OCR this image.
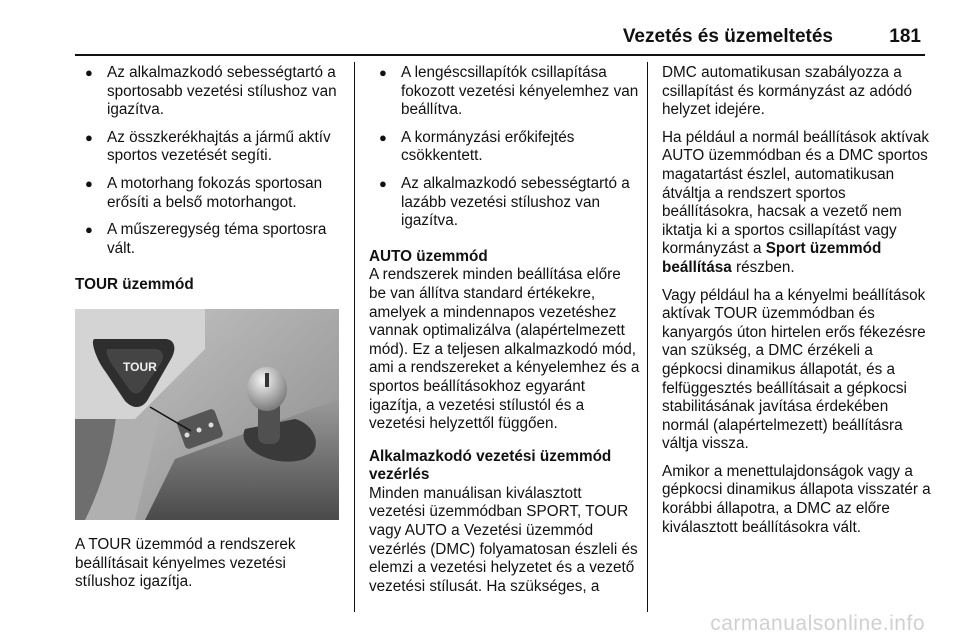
Vezetés és üzemeltetés	181
● Az alkalmazkodó sebességtartó a sportosabb vezetési stílushoz van igazítva.
● Az összkerékhajtás a jármű aktív sportos vezetését segíti.
● A motorhang fokozás sportosan erősíti a belső motorhangot.
● A műszeregység téma sportosra vált.
TOUR üzemmód
TOUR

A TOUR üzemmód a rendszerek beállításait kényelmes vezetési stílushoz igazítja.

● A lengéscsillapítók csillapítása fokozott vezetési kényelemhez van beállítva.
● A kormányzási erőkifejtés csökkentett.
● Az alkalmazkodó sebességtartó a lazább vezetési stílushoz van igazítva.
AUTO üzemmód

A rendszerek minden beállítása előre be van állítva standard értékekre, amelyek a mindennapos vezetéshez vannak optimalizálva (alapértelmezett mód). Ez a teljesen alkalmazkodó mód, ami a rendszereket a kényelemhez és a sportos beállításokhoz egyaránt igazítja, a vezetési stílustól és a vezetési helyzettől függően.

Alkalmazkodó vezetési üzemmód vezérlés

Minden manuálisan kiválasztott vezetési üzemmódban SPORT, TOUR vagy AUTO a Vezetési üzemmód vezérlés (DMC) folyamatosan észleli és elemzi a vezetési helyzetet és a vezető vezetési stílusát. Ha szükséges, a

DMC automatikusan szabályozza a csillapítást és kormányzást az adódó helyzet idejére.

Ha például a normál beállítások aktívak AUTO üzemmódban és a DMC sportos magatartást észlel, automatikusan átváltja a rendszert sportos beállításokra, hacsak a vezető nem iktatja ki a sportos csillapítást vagy kormányzást a Sport üzemmód beállítása részben.

Vagy például ha a kényelmi beállítások aktívak TOUR üzemmódban és kanyargós úton hirtelen erős fékezésre van szükség, a DMC érzékeli a gépkocsi dinamikus állapotát, és a felfüggesztés beállításait a gépkocsi stabilitásának javítása érdekében normál (alapértelmezett) beállításra váltja vissza.

Amikor a menettulajdonságok vagy a gépkocsi dinamikus állapota visszatér a korábbi állapotra, a DMC az előre kiválasztott beállításokra vált.

carmanualsonline.info
